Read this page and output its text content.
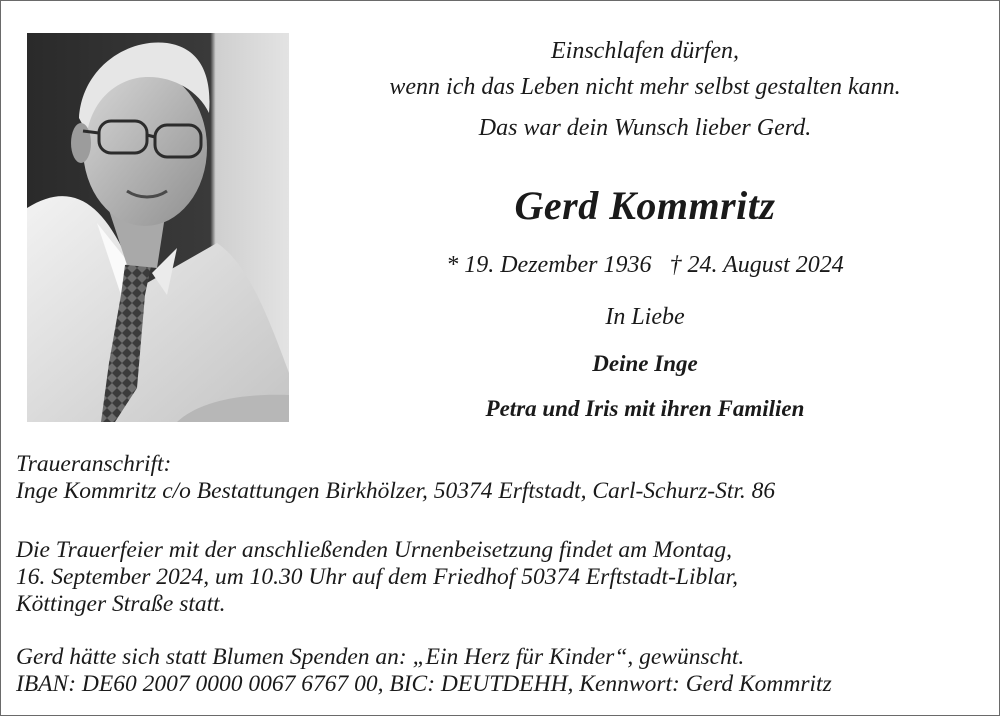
Einschlafen dürfen,
wenn ich das Leben nicht mehr selbst gestalten kann.
Das war dein Wunsch lieber Gerd.
Gerd Kommritz
* 19. Dezember 1936 † 24. August 2024
In Liebe
Deine Inge
Petra und Iris mit ihren Familien
Traueranschrift:
Inge Kommritz c/o Bestattungen Birkhölzer, 50374 Erftstadt, Carl-Schurz-Str. 86
Die Trauerfeier mit der anschließenden Urnenbeisetzung findet am Montag,
16. September 2024, um 10.30 Uhr auf dem Friedhof 50374 Erftstadt-Liblar,
Köttinger Straße statt.
Gerd hätte sich statt Blumen Spenden an: „Ein Herz für Kinder“, gewünscht.
IBAN: DE60 2007 0000 0067 6767 00, BIC: DEUTDEHH, Kennwort: Gerd Kommritz
